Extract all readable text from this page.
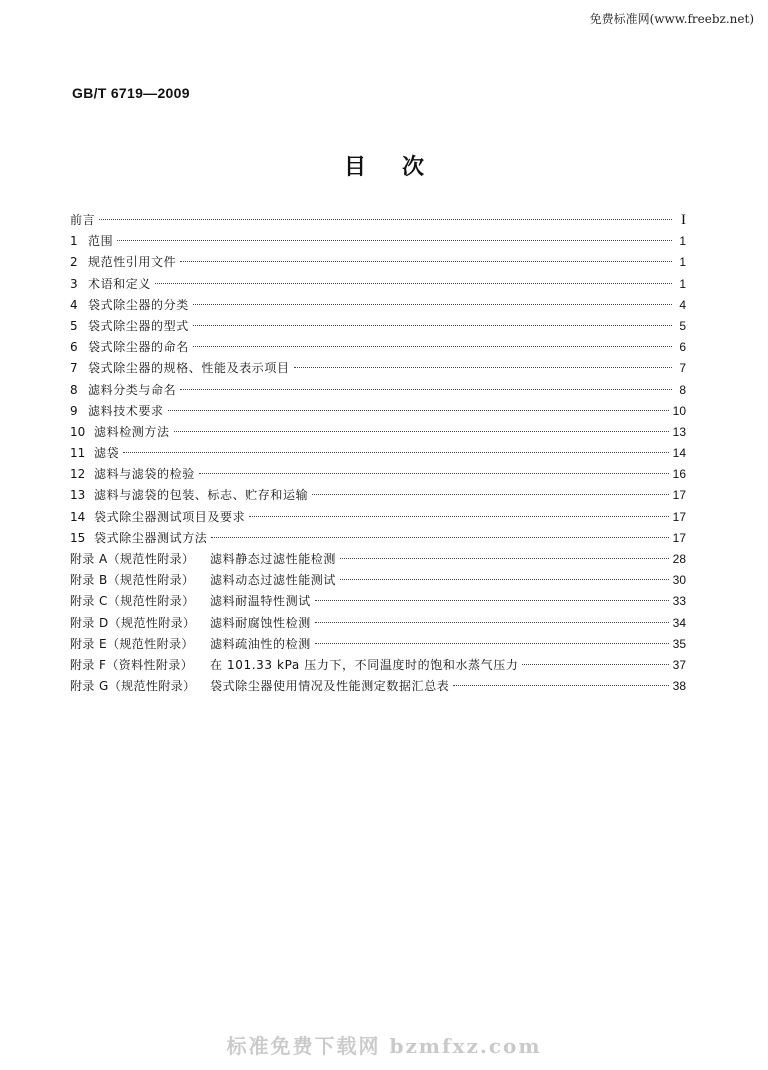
免费标准网(www.freebz.net)
GB/T 6719—2009
目次
前言	I
1 范围	1
2 规范性引用文件	1
3 术语和定义	1
4 袋式除尘器的分类	4
5 袋式除尘器的型式	5
6 袋式除尘器的命名	6
7 袋式除尘器的规格、性能及表示项目	7
8 滤料分类与命名	8
9 滤料技术要求	10
10 滤料检测方法	13
11 滤袋	14
12 滤料与滤袋的检验	16
13 滤料与滤袋的包装、标志、贮存和运输	17
14 袋式除尘器测试项目及要求	17
15 袋式除尘器测试方法	17
附录 A（规范性附录）	滤料静态过滤性能检测	28
附录 B（规范性附录）	滤料动态过滤性能测试	30
附录 C（规范性附录）	滤料耐温特性测试	33
附录 D（规范性附录）	滤料耐腐蚀性检测	34
附录 E（规范性附录）	滤料疏油性的检测	35
附录 F（资料性附录）	在 101.33 kPa 压力下，不同温度时的饱和水蒸气压力	37
附录 G（规范性附录）	袋式除尘器使用情况及性能测定数据汇总表	38
标准免费下载网 bzmfxz.com
